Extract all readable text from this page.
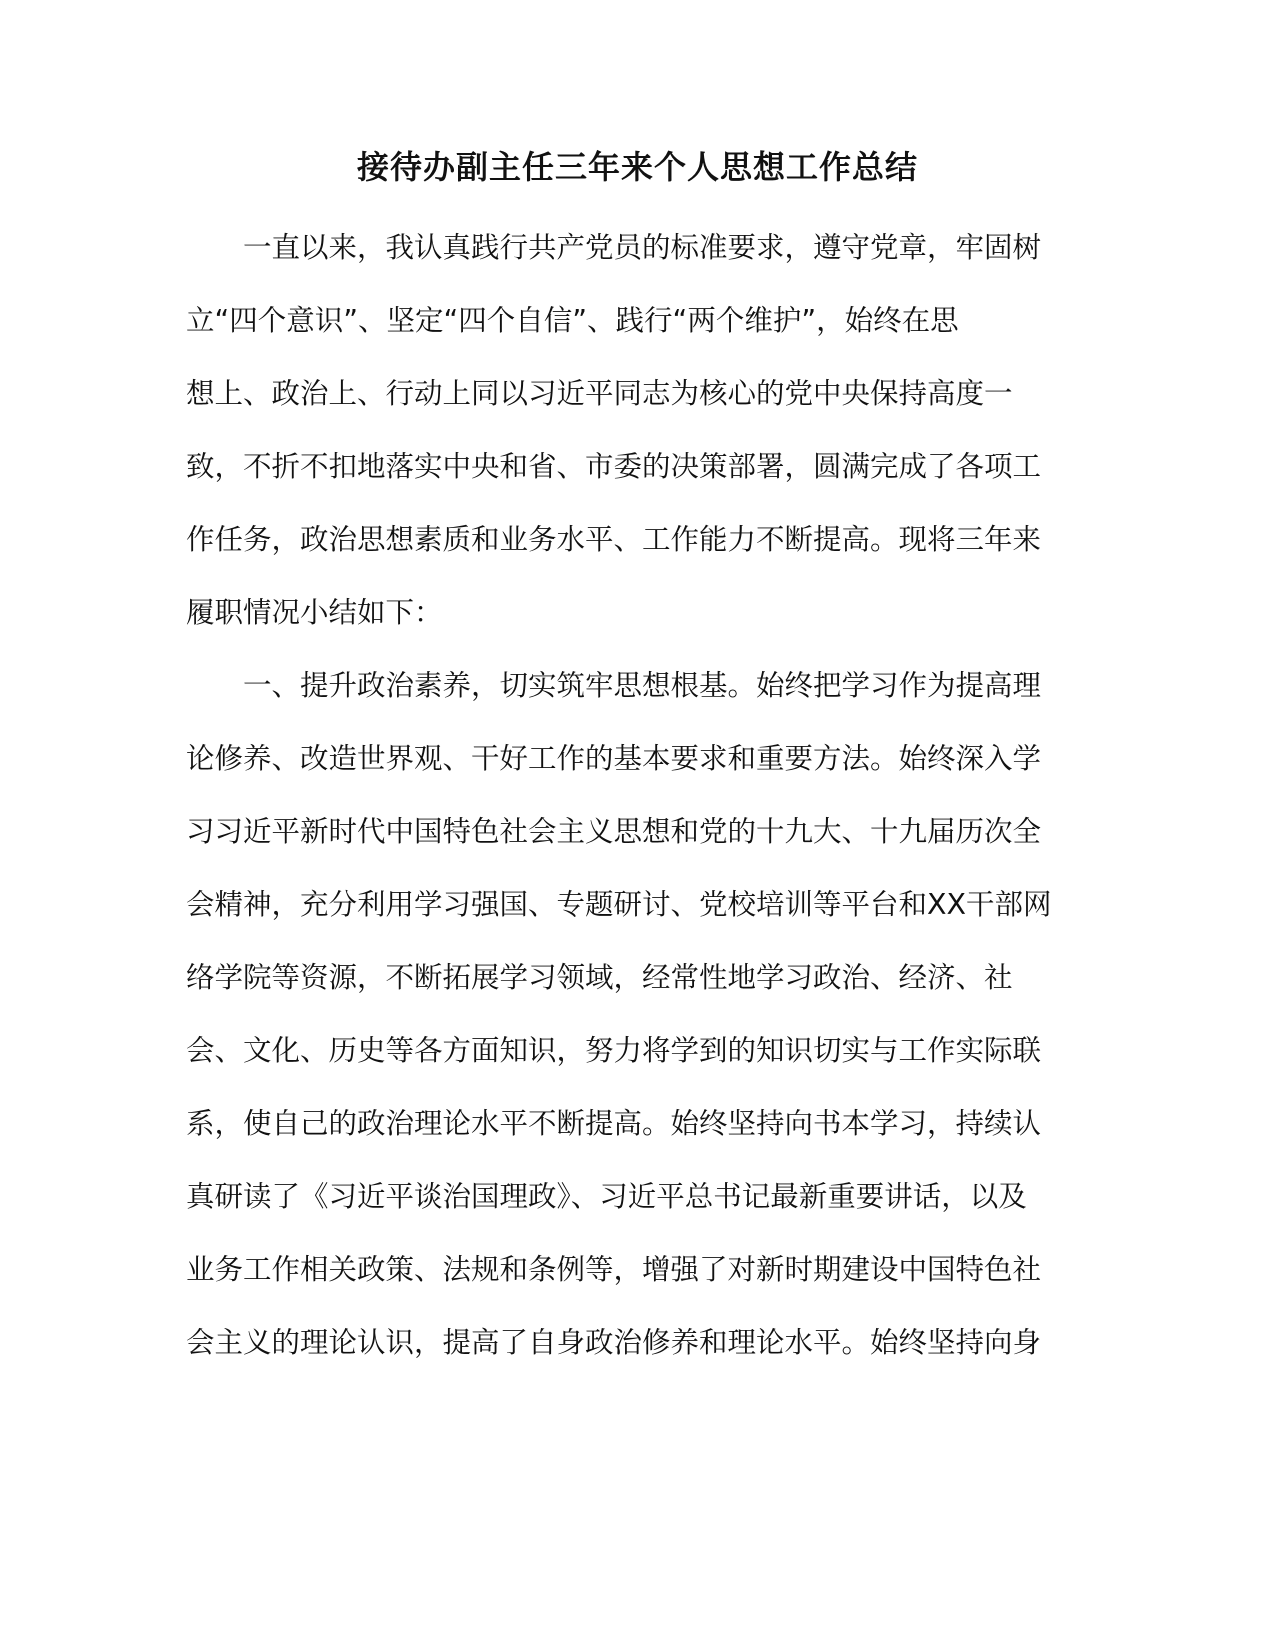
接待办副主任三年来个人思想工作总结

　　一直以来，我认真践行共产党员的标准要求，遵守党章，牢固树

立“四个意识”、坚定“四个自信”、践行“两个维护”，始终在思

想上、政治上、行动上同以习近平同志为核心的党中央保持高度一

致，不折不扣地落实中央和省、市委的决策部署，圆满完成了各项工

作任务，政治思想素质和业务水平、工作能力不断提高。现将三年来

履职情况小结如下：

　　一、提升政治素养，切实筑牢思想根基。始终把学习作为提高理

论修养、改造世界观、干好工作的基本要求和重要方法。始终深入学

习习近平新时代中国特色社会主义思想和党的十九大、十九届历次全

会精神，充分利用学习强国、专题研讨、党校培训等平台和XX干部网

络学院等资源，不断拓展学习领域，经常性地学习政治、经济、社

会、文化、历史等各方面知识，努力将学到的知识切实与工作实际联

系，使自己的政治理论水平不断提高。始终坚持向书本学习，持续认

真研读了《习近平谈治国理政》、习近平总书记最新重要讲话，以及

业务工作相关政策、法规和条例等，增强了对新时期建设中国特色社

会主义的理论认识，提高了自身政治修养和理论水平。始终坚持向身
